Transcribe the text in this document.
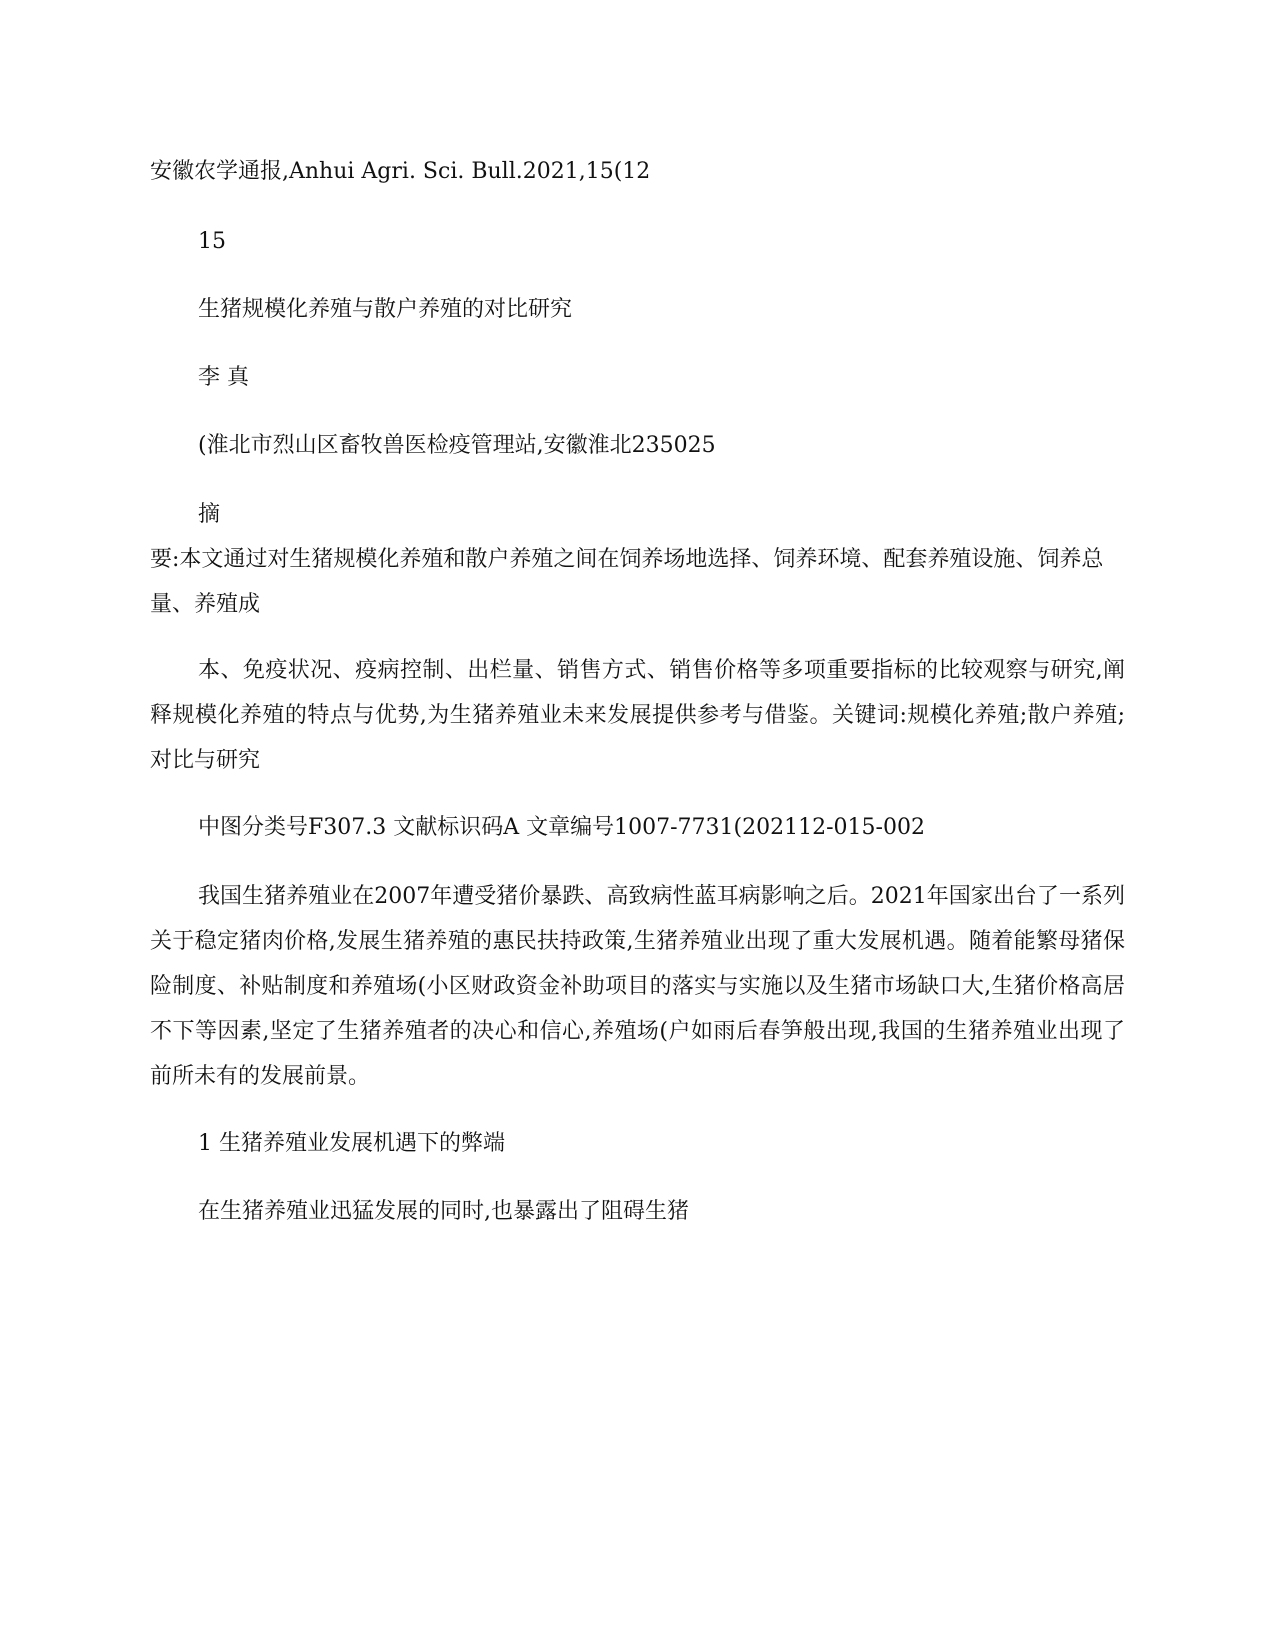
安徽农学通报,Anhui Agri. Sci. Bull.2021,15(12
15
生猪规模化养殖与散户养殖的对比研究
李 真
(淮北市烈山区畜牧兽医检疫管理站,安徽淮北235025
摘
要:本文通过对生猪规模化养殖和散户养殖之间在饲养场地选择、饲养环境、配套养殖设施、饲养总量、养殖成
本、免疫状况、疫病控制、出栏量、销售方式、销售价格等多项重要指标的比较观察与研究,阐释规模化养殖的特点与优势,为生猪养殖业未来发展提供参考与借鉴。关键词:规模化养殖;散户养殖;对比与研究
中图分类号F307.3 文献标识码A 文章编号1007-7731(202112-015-002
我国生猪养殖业在2007年遭受猪价暴跌、高致病性蓝耳病影响之后。2021年国家出台了一系列关于稳定猪肉价格,发展生猪养殖的惠民扶持政策,生猪养殖业出现了重大发展机遇。随着能繁母猪保险制度、补贴制度和养殖场(小区财政资金补助项目的落实与实施以及生猪市场缺口大,生猪价格高居不下等因素,坚定了生猪养殖者的决心和信心,养殖场(户如雨后春笋般出现,我国的生猪养殖业出现了前所未有的发展前景。
1 生猪养殖业发展机遇下的弊端
在生猪养殖业迅猛发展的同时,也暴露出了阻碍生猪
